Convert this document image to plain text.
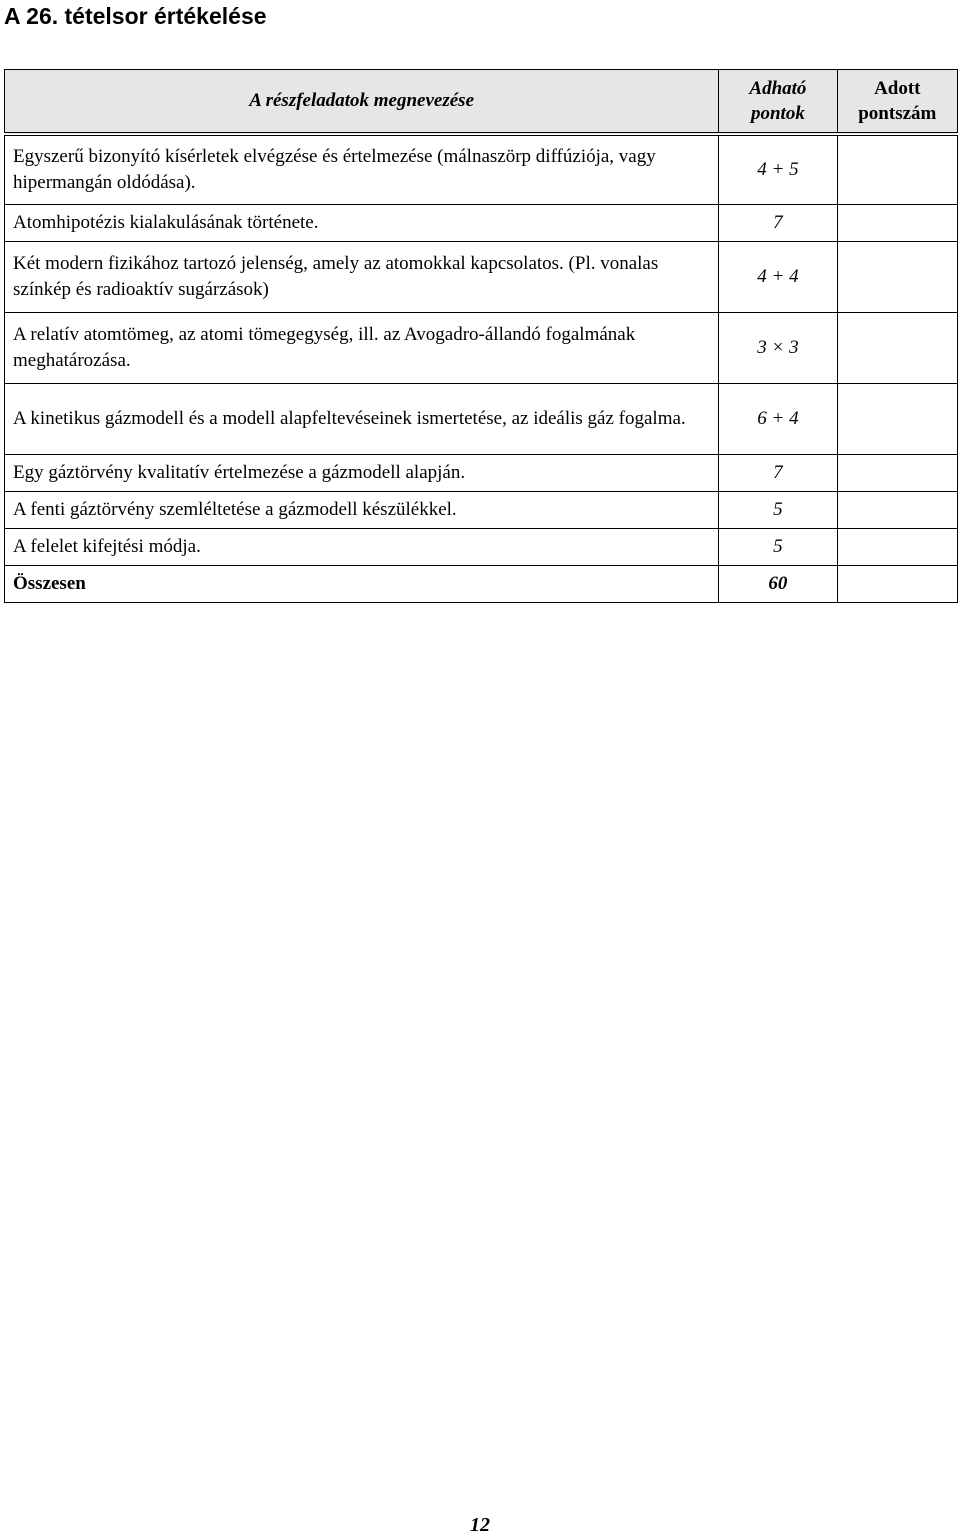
A 26. tételsor értékelése
A részfeladatok megnevezése	Adható pontok	Adott pontszám
Egyszerű bizonyító kísérletek elvégzése és értelmezése (málnaszörp diffúziója, vagy hipermangán oldódása).	4 + 5	
Atomhipotézis kialakulásának története.	7	
Két modern fizikához tartozó jelenség, amely az atomokkal kapcsolatos. (Pl. vonalas színkép és radioaktív sugárzások)	4 + 4	
A relatív atomtömeg, az atomi tömegegység, ill. az Avogadro-állandó fogalmának meghatározása.	3 × 3	
A kinetikus gázmodell és a modell alapfeltevéseinek ismertetése, az ideális gáz fogalma.	6 + 4	
Egy gáztörvény kvalitatív értelmezése a gázmodell alapján.	7	
A fenti gáztörvény szemléltetése a gázmodell készülékkel.	5	
A felelet kifejtési módja.	5	
Összesen	60	
12
